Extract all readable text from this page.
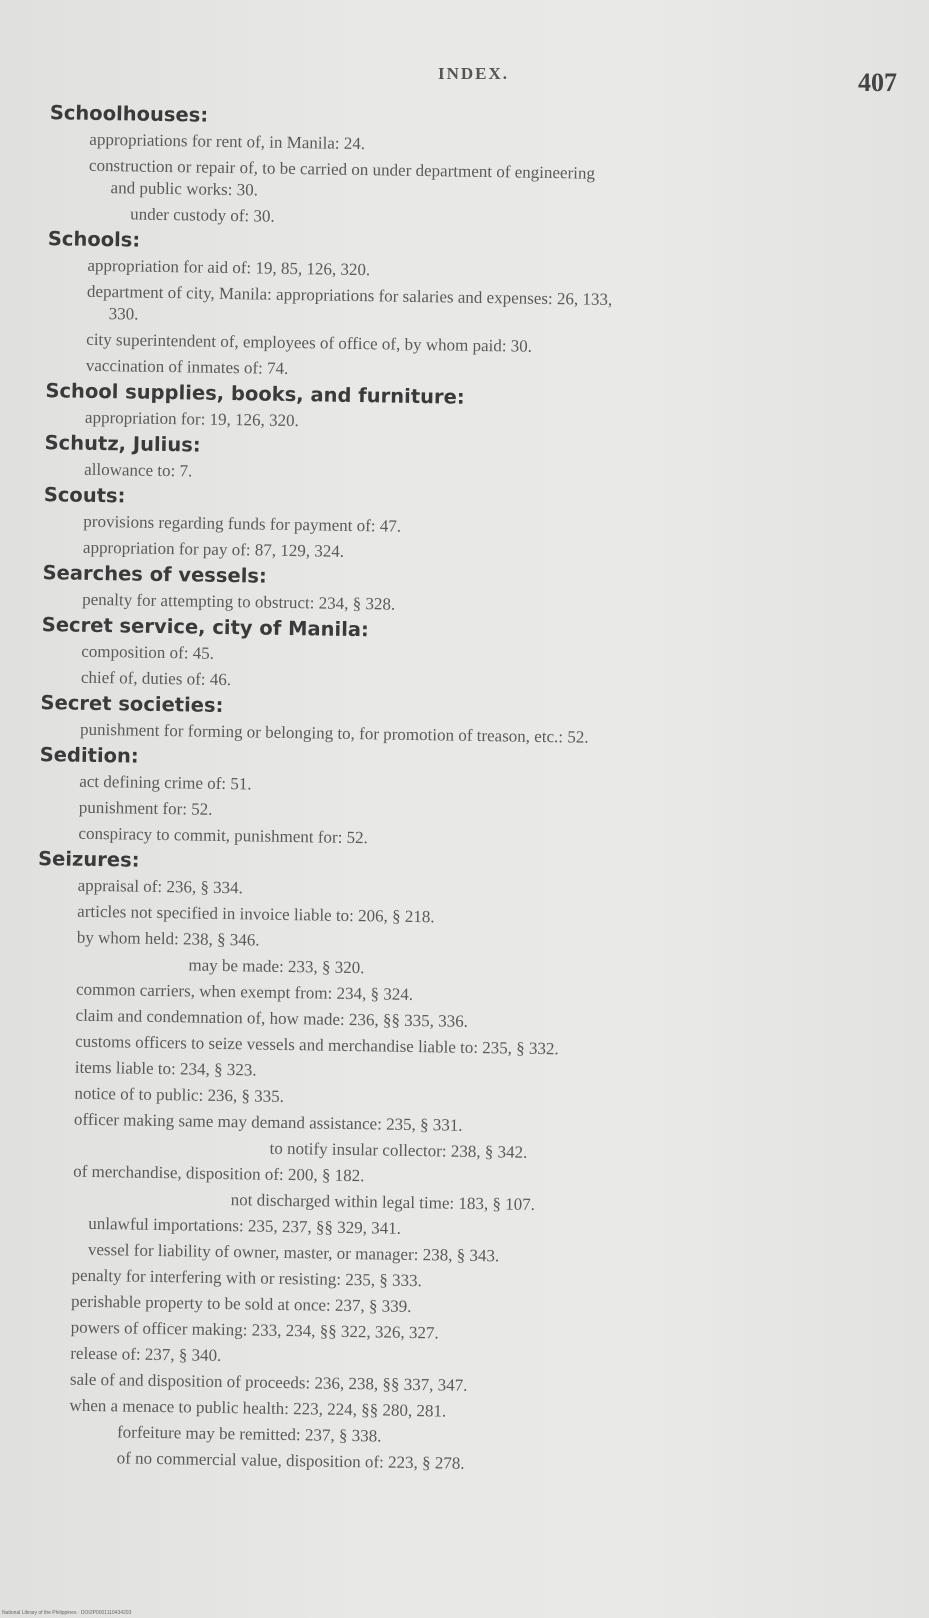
INDEX.	407
Schoolhouses:
appropriations for rent of, in Manila: 24.
construction or repair of, to be carried on under department of engineering
and public works: 30.
under custody of: 30.
Schools:
appropriation for aid of: 19, 85, 126, 320.
department of city, Manila: appropriations for salaries and expenses: 26, 133,
330.
city superintendent of, employees of office of, by whom paid: 30.
vaccination of inmates of: 74.
School supplies, books, and furniture:
appropriation for: 19, 126, 320.
Schutz, Julius:
allowance to: 7.
Scouts:
provisions regarding funds for payment of: 47.
appropriation for pay of: 87, 129, 324.
Searches of vessels:
penalty for attempting to obstruct: 234, § 328.
Secret service, city of Manila:
composition of: 45.
chief of, duties of: 46.
Secret societies:
punishment for forming or belonging to, for promotion of treason, etc.: 52.
Sedition:
act defining crime of: 51.
punishment for: 52.
conspiracy to commit, punishment for: 52.
Seizures:
appraisal of: 236, § 334.
articles not specified in invoice liable to: 206, § 218.
by whom held: 238, § 346.
may be made: 233, § 320.
common carriers, when exempt from: 234, § 324.
claim and condemnation of, how made: 236, §§ 335, 336.
customs officers to seize vessels and merchandise liable to: 235, § 332.
items liable to: 234, § 323.
notice of to public: 236, § 335.
officer making same may demand assistance: 235, § 331.
to notify insular collector: 238, § 342.
of merchandise, disposition of: 200, § 182.
not discharged within legal time: 183, § 107.
unlawful importations: 235, 237, §§ 329, 341.
vessel for liability of owner, master, or manager: 238, § 343.
penalty for interfering with or resisting: 235, § 333.
perishable property to be sold at once: 237, § 339.
powers of officer making: 233, 234, §§ 322, 326, 327.
release of: 237, § 340.
sale of and disposition of proceeds: 236, 238, §§ 337, 347.
when a menace to public health: 223, 224, §§ 280, 281.
forfeiture may be remitted: 237, § 338.
of no commercial value, disposition of: 223, § 278.
National Library of the Philippines · DOI2P0001110434203
